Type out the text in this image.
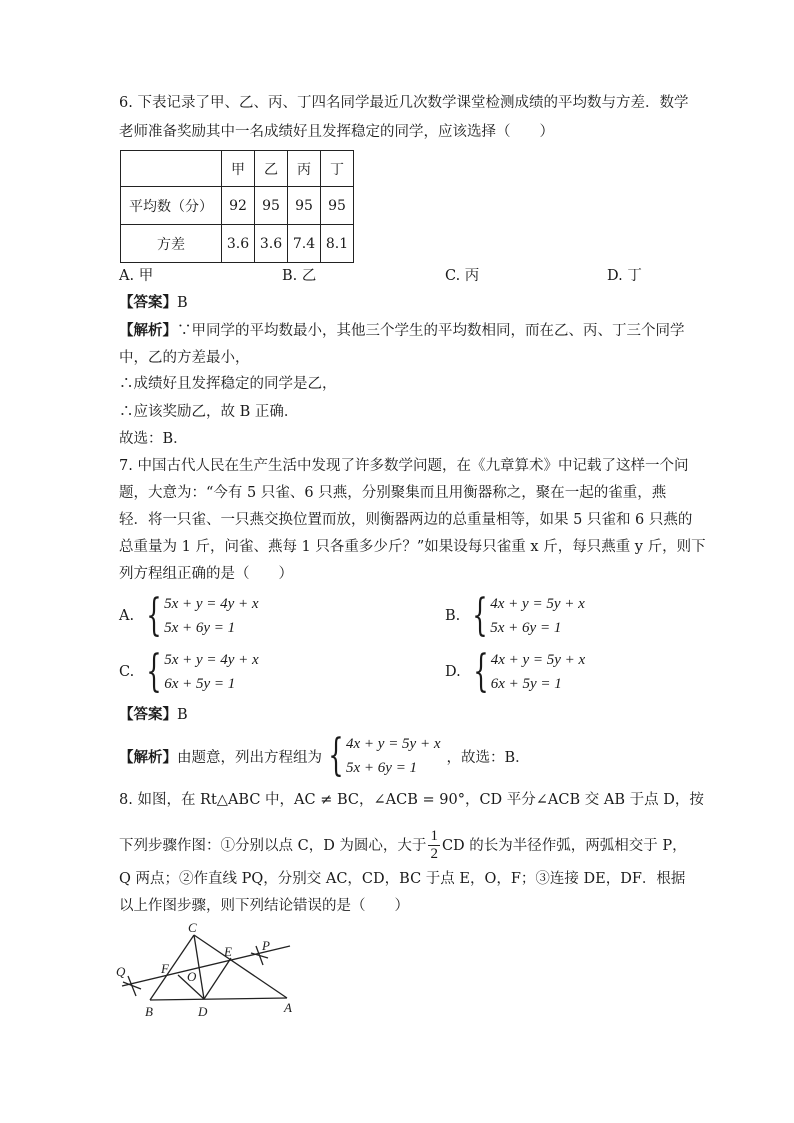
6. 下表记录了甲、乙、丙、丁四名同学最近几次数学课堂检测成绩的平均数与方差．数学
老师准备奖励其中一名成绩好且发挥稳定的同学，应该选择（　　）
	甲	乙	丙	丁
平均数（分）	92	95	95	95
方差	3.6	3.6	7.4	8.1
A. 甲	B. 乙	C. 丙	D. 丁
【答案】B
【解析】∵甲同学的平均数最小，其他三个学生的平均数相同，而在乙、丙、丁三个同学
中，乙的方差最小，
∴成绩好且发挥稳定的同学是乙，
∴应该奖励乙，故 B 正确．
故选：B．
7. 中国古代人民在生产生活中发现了许多数学问题，在《九章算术》中记载了这样一个问
题，大意为：“今有 5 只雀、6 只燕，分别聚集而且用衡器称之，聚在一起的雀重，燕
轻．将一只雀、一只燕交换位置而放，则衡器两边的总重量相等，如果 5 只雀和 6 只燕的
总重量为 1 斤，问雀、燕每 1 只各重多少斤？”如果设每只雀重 x 斤，每只燕重 y 斤，则下
列方程组正确的是（　　）
A. { 5x + y = 4y + x
5x + 6y = 1
B. { 4x + y = 5y + x
5x + 6y = 1
C. { 5x + y = 4y + x
6x + 5y = 1
D. { 4x + y = 5y + x
6x + 5y = 1
【答案】B
【解析】 由题意，列出方程组为 { 4x + y = 5y + x
5x + 6y = 1
，故选：B．
8. 如图，在 Rt△ABC 中，AC ≠ BC，∠ACB = 90°，CD 平分∠ACB 交 AB 于点 D，按
下列步骤作图：①分别以点 C，D 为圆心，大于 $\frac{1}{2}$ CD 的长为半径作弧，两弧相交于 P，
Q 两点；②作直线 PQ，分别交 AC，CD，BC 于点 E，O，F；③连接 DE，DF．根据
以上作图步骤，则下列结论错误的是（　　）
C
P
E
Q	F
O
B	D	A
